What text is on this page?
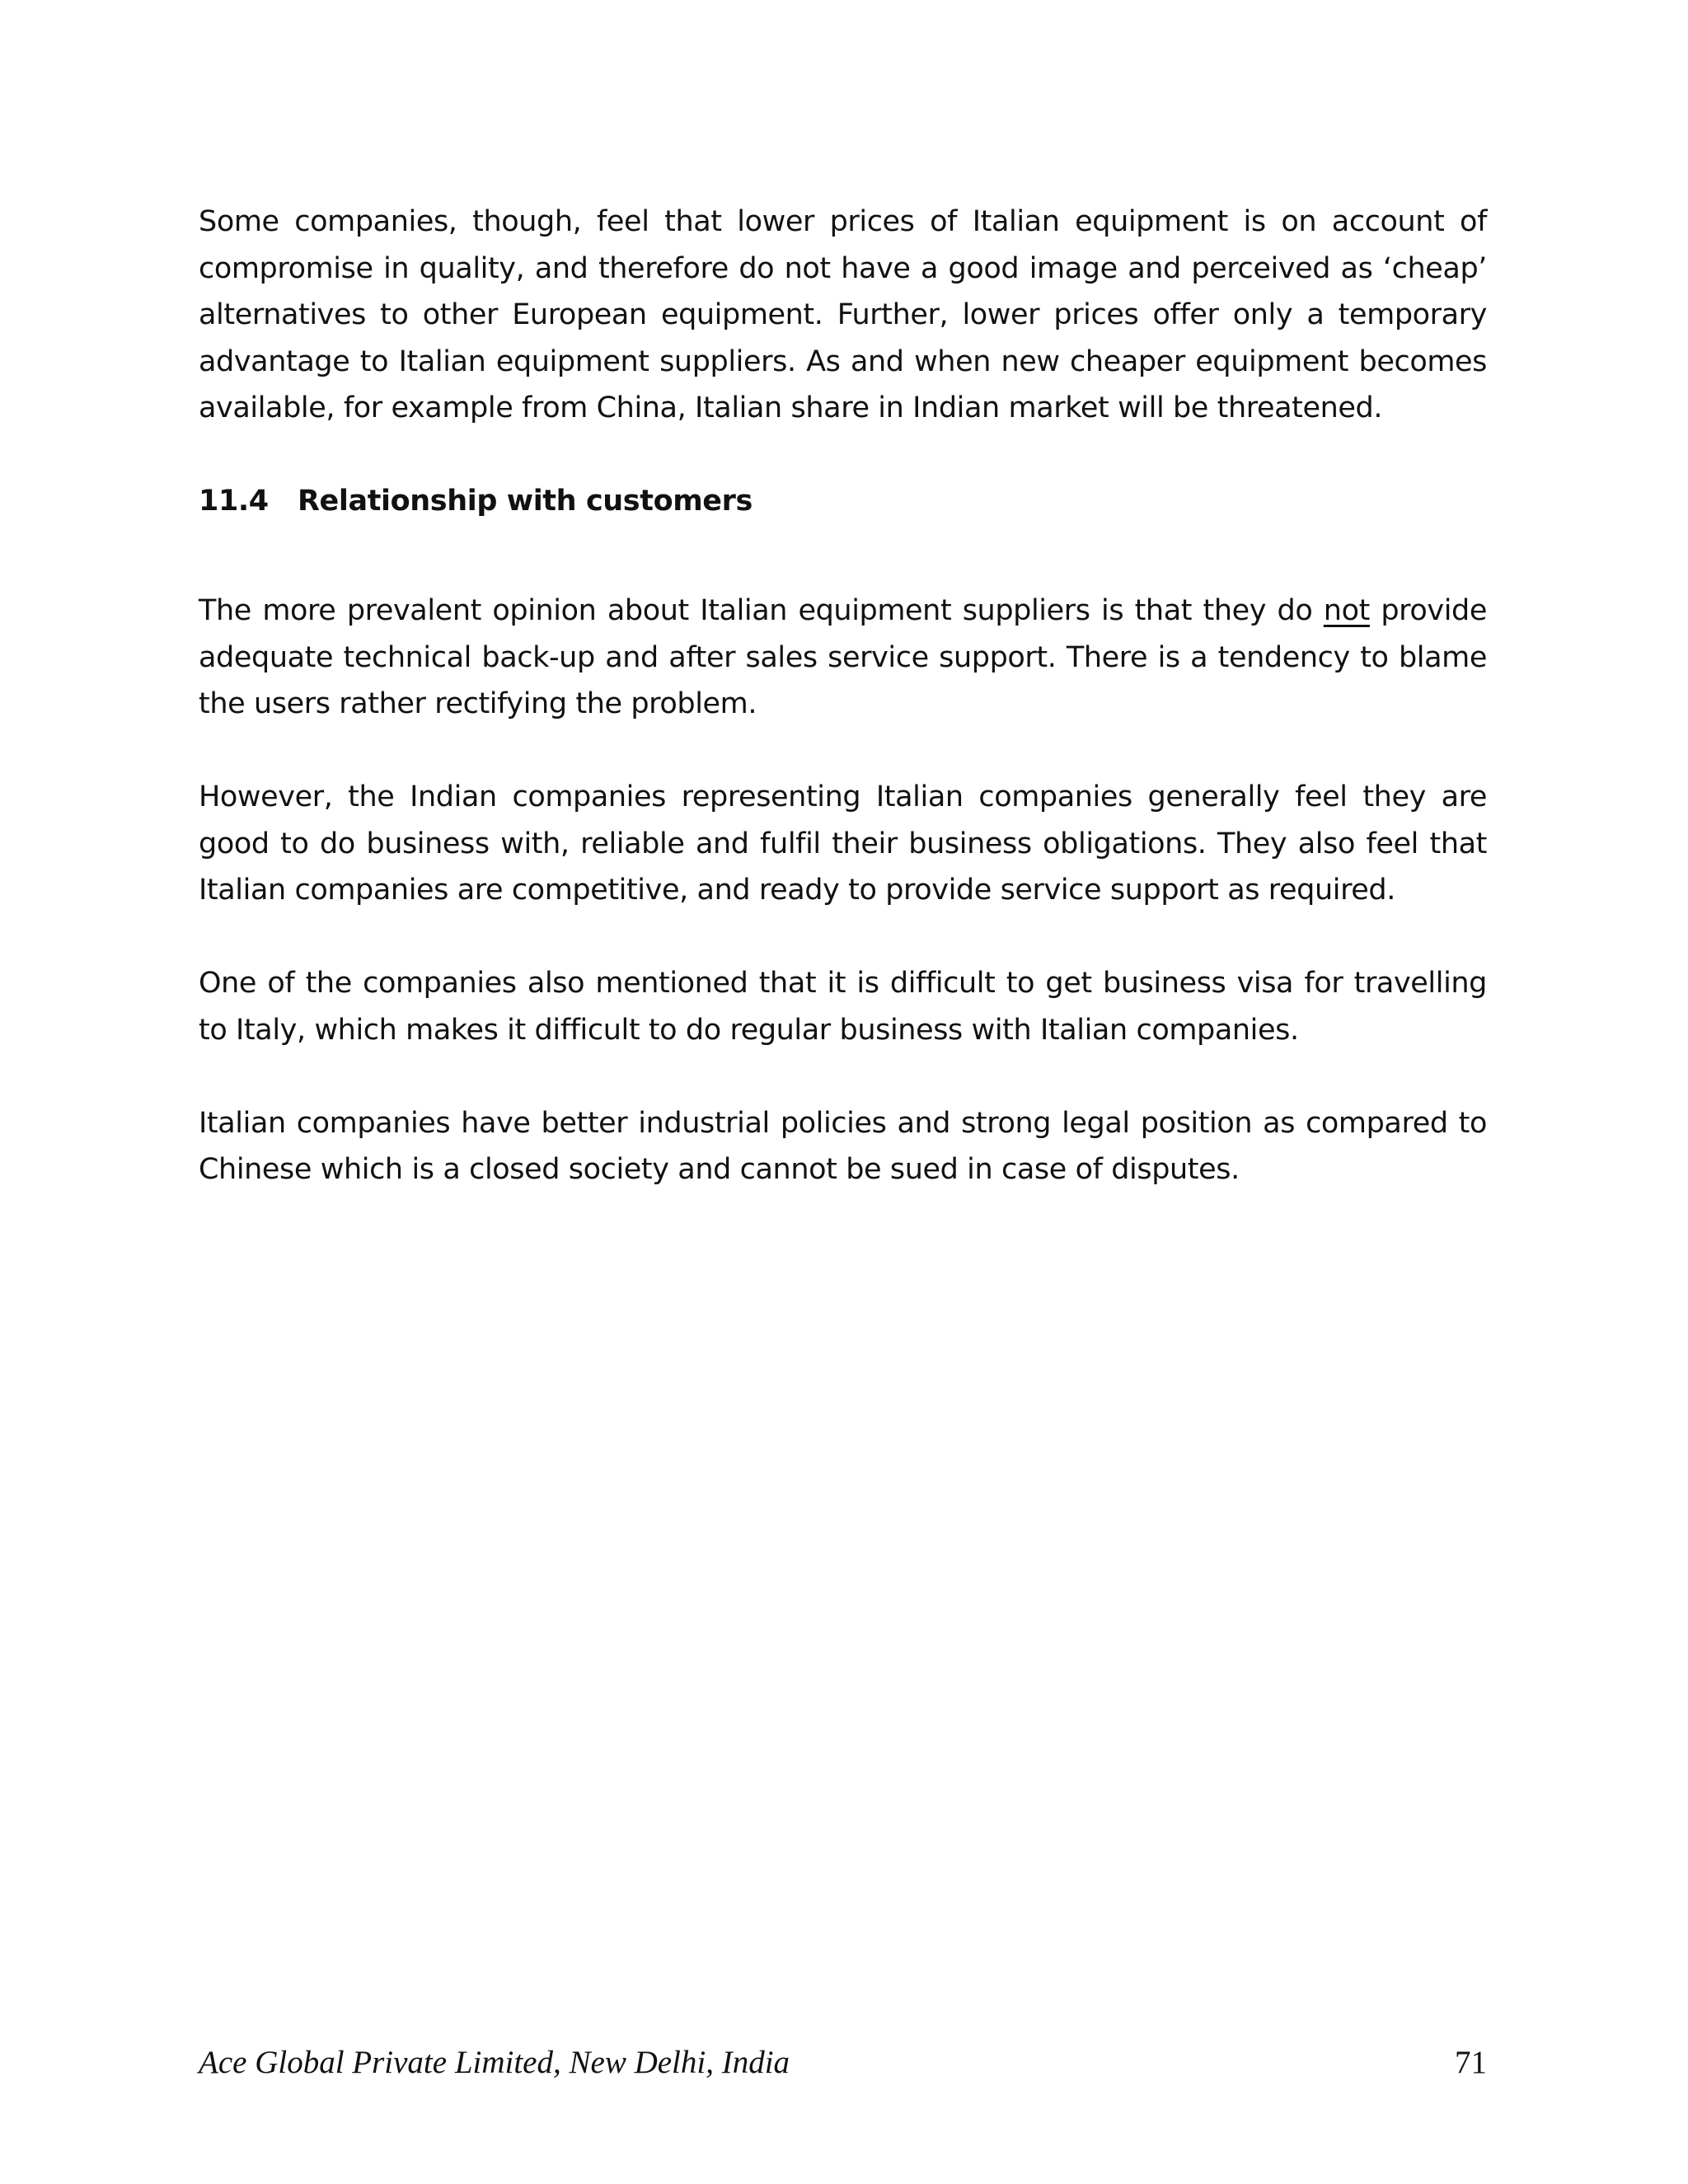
Some companies, though, feel that lower prices of Italian equipment is on account of compromise in quality, and therefore do not have a good image and perceived as ‘cheap’ alternatives to other European equipment. Further, lower prices offer only a temporary advantage to Italian equipment suppliers. As and when new cheaper equipment becomes available, for example from China, Italian share in Indian market will be threatened.

11.4	Relationship with customers

The more prevalent opinion about Italian equipment suppliers is that they do not provide adequate technical back-up and after sales service support. There is a tendency to blame the users rather rectifying the problem.

However, the Indian companies representing Italian companies generally feel they are good to do business with, reliable and fulfil their business obligations. They also feel that Italian companies are competitive, and ready to provide service support as required.

One of the companies also mentioned that it is difficult to get business visa for travelling to Italy, which makes it difficult to do regular business with Italian companies.

Italian companies have better industrial policies and strong legal position as compared to Chinese which is a closed society and cannot be sued in case of disputes.

Ace Global Private Limited, New Delhi, India	71
